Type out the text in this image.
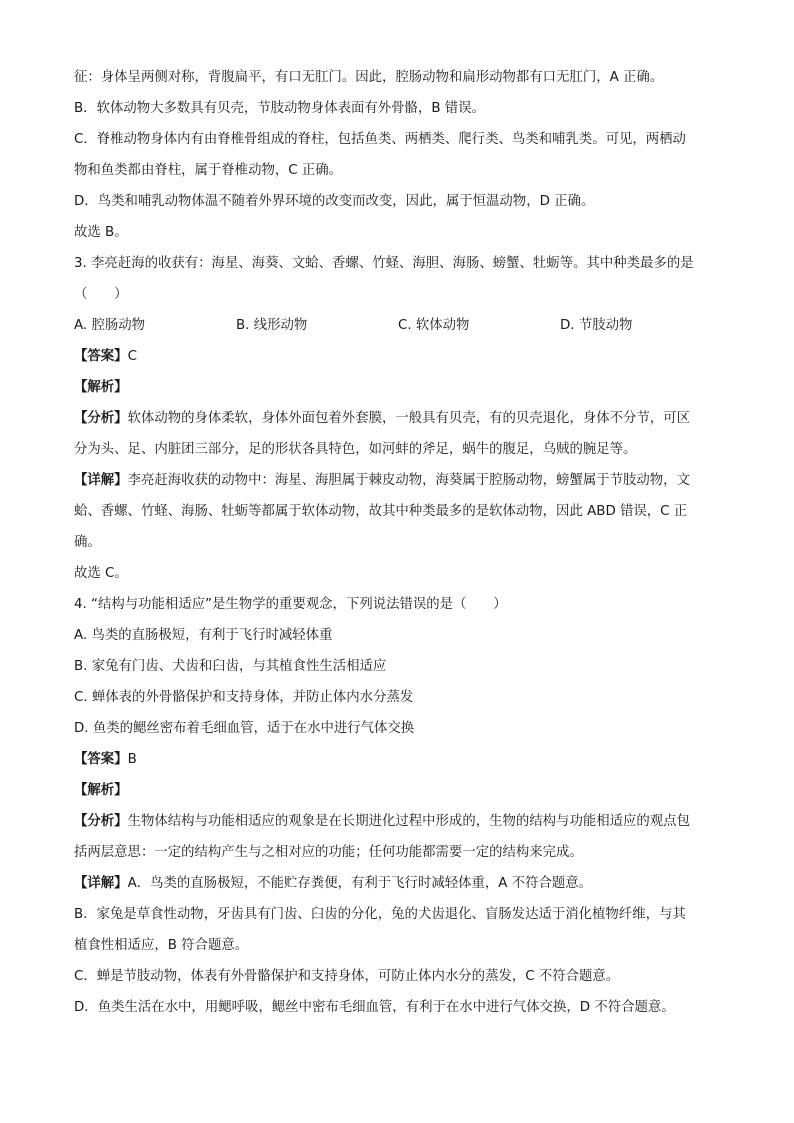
征：身体呈两侧对称，背腹扁平，有口无肛门。因此，腔肠动物和扁形动物都有口无肛门，A 正确。
B．软体动物大多数具有贝壳，节肢动物身体表面有外骨骼，B 错误。
C．脊椎动物身体内有由脊椎骨组成的脊柱，包括鱼类、两栖类、爬行类、鸟类和哺乳类。可见，两栖动
物和鱼类都由脊柱，属于脊椎动物，C 正确。
D．鸟类和哺乳动物体温不随着外界环境的改变而改变，因此，属于恒温动物，D 正确。
故选 B。
3. 李亮赶海的收获有：海星、海葵、文蛤、香螺、竹蛏、海胆、海肠、螃蟹、牡蛎等。其中种类最多的是
（　　）
A. 腔肠动物	B. 线形动物	C. 软体动物	D. 节肢动物
【答案】C
【解析】
【分析】软体动物的身体柔软，身体外面包着外套膜，一般具有贝壳，有的贝壳退化，身体不分节，可区
分为头、足、内脏团三部分，足的形状各具特色，如河蚌的斧足，蜗牛的腹足，乌贼的腕足等。
【详解】李亮赶海收获的动物中：海星、海胆属于棘皮动物，海葵属于腔肠动物，螃蟹属于节肢动物，文
蛤、香螺、竹蛏、海肠、牡蛎等都属于软体动物，故其中种类最多的是软体动物，因此 ABD 错误，C 正
确。
故选 C。
4. “结构与功能相适应”是生物学的重要观念，下列说法错误的是（　　）
A. 鸟类的直肠极短，有利于飞行时减轻体重
B. 家兔有门齿、犬齿和臼齿，与其植食性生活相适应
C. 蝉体表的外骨骼保护和支持身体，并防止体内水分蒸发
D. 鱼类的鳃丝密布着毛细血管，适于在水中进行气体交换
【答案】B
【解析】
【分析】生物体结构与功能相适应的观象是在长期进化过程中形成的，生物的结构与功能相适应的观点包
括两层意思：一定的结构产生与之相对应的功能；任何功能都需要一定的结构来完成。
【详解】A．鸟类的直肠极短，不能贮存粪便，有利于飞行时减轻体重，A 不符合题意。
B．家兔是草食性动物，牙齿具有门齿、臼齿的分化，兔的犬齿退化、盲肠发达适于消化植物纤维，与其
植食性相适应，B 符合题意。
C．蝉是节肢动物，体表有外骨骼保护和支持身体，可防止体内水分的蒸发，C 不符合题意。
D．鱼类生活在水中，用鳃呼吸，鳃丝中密布毛细血管，有利于在水中进行气体交换，D 不符合题意。
